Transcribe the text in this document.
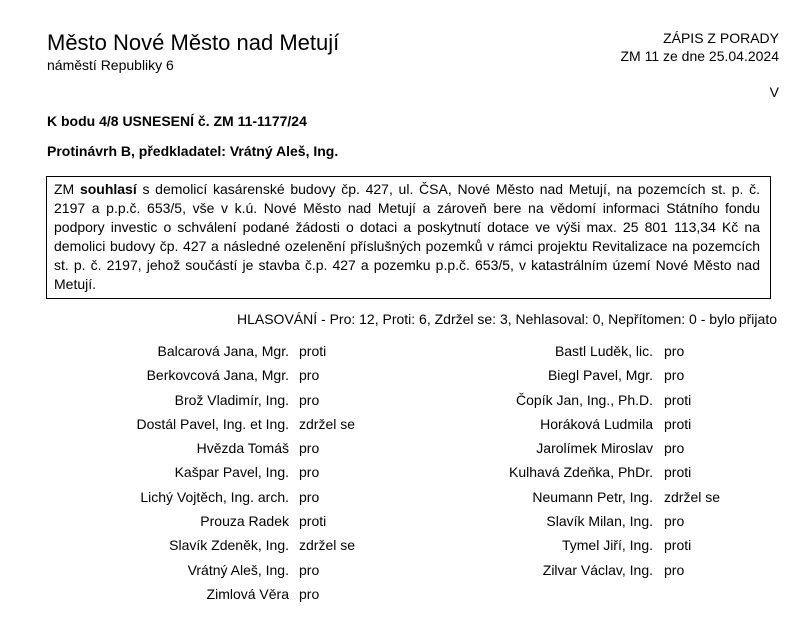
Město Nové Město nad Metují
náměstí Republiky 6
ZÁPIS Z PORADY
ZM 11 ze dne 25.04.2024
V
K bodu 4/8 USNESENÍ č. ZM 11-1177/24
Protinávrh B, předkladatel: Vrátný Aleš, Ing.
ZM souhlasí s demolicí kasárenské budovy čp. 427, ul. ČSA, Nové Město nad Metují, na pozemcích st. p. č. 2197 a p.p.č. 653/5, vše v k.ú. Nové Město nad Metují a zároveň bere na vědomí informaci Státního fondu podpory investic o schválení podané žádosti o dotaci a poskytnutí dotace ve výši max. 25 801 113,34 Kč na demolici budovy čp. 427 a následné ozelenění příslušných pozemků v rámci projektu Revitalizace na pozemcích st. p. č. 2197, jehož součástí je stavba č.p. 427 a pozemku p.p.č. 653/5, v katastrálním území Nové Město nad Metují.
HLASOVÁNÍ - Pro: 12, Proti: 6, Zdržel se: 3, Nehlasoval: 0, Nepřítomen: 0 - bylo přijato
Balcarová Jana, Mgr. proti
Berkovcová Jana, Mgr. pro
Brož Vladimír, Ing. pro
Dostál Pavel, Ing. et Ing. zdržel se
Hvězda Tomáš pro
Kašpar Pavel, Ing. pro
Lichý Vojtěch, Ing. arch. pro
Prouza Radek proti
Slavík Zdeněk, Ing. zdržel se
Vrátný Aleš, Ing. pro
Zimlová Věra pro
Bastl Luděk, lic. pro
Biegl Pavel, Mgr. pro
Čopík Jan, Ing., Ph.D. proti
Horáková Ludmila proti
Jarolímek Miroslav pro
Kulhavá Zdeňka, PhDr. proti
Neumann Petr, Ing. zdržel se
Slavík Milan, Ing. pro
Tymel Jiří, Ing. proti
Zilvar Václav, Ing. pro
